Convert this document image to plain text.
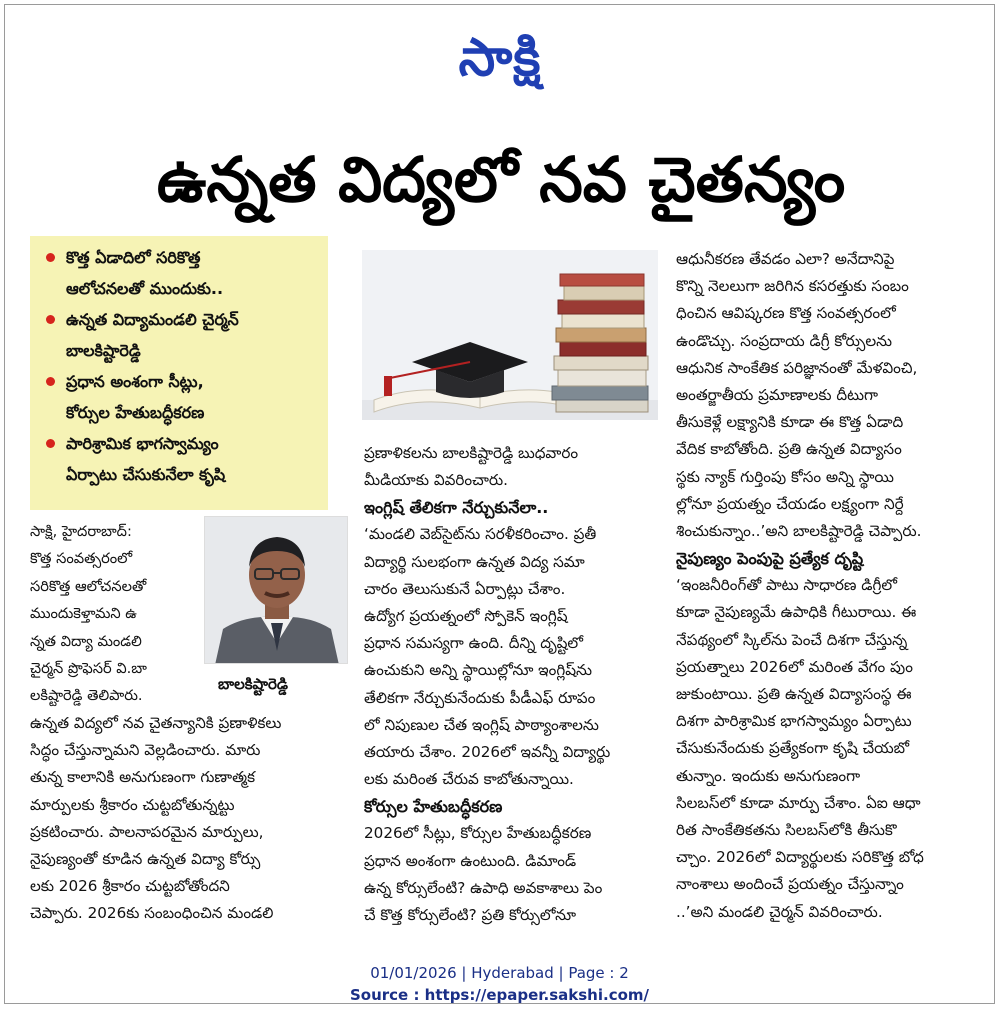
సాక్షి
ఉన్నత విద్యలో నవ చైతన్యం
కొత్త ఏడాదిలో సరికొత్త
ఆలోచనలతో ముందుకు..
ఉన్నత విద్యామండలి చైర్మన్
బాలకిష్టారెడ్డి
ప్రధాన అంశంగా సీట్లు,
కోర్సుల హేతుబద్ధీకరణ
పారిశ్రామిక భాగస్వామ్యం
ఏర్పాటు చేసుకునేలా కృషి

సాక్షి, హైదరాబాద్:

కొత్త సంవత్సరంలో

సరికొత్త ఆలోచనలతో

ముందుకెళ్తామని ఉ

న్నత విద్యా మండలి

చైర్మన్ ప్రొఫెసర్ వి.బా

లకిష్టారెడ్డి తెలిపారు.

బాలకిష్టారెడ్డి

ఉన్నత విద్యలో నవ చైతన్యానికి ప్రణాళికలు

సిద్ధం చేస్తున్నామని వెల్లడించారు. మారు

తున్న కాలానికి అనుగుణంగా గుణాత్మక

మార్పులకు శ్రీకారం చుట్టబోతున్నట్టు

ప్రకటించారు. పాలనాపరమైన మార్పులు,

నైపుణ్యంతో కూడిన ఉన్నత విద్యా కోర్సు

లకు 2026 శ్రీకారం చుట్టబోతోందని

చెప్పారు. 2026కు సంబంధించిన మండలి

ప్రణాళికలను బాలకిష్టారెడ్డి బుధవారం

మీడియాకు వివరించారు.

ఇంగ్లిష్ తేలికగా నేర్చుకునేలా..

‘మండలి వెబ్‌సైట్‌ను సరళీకరించాం. ప్రతీ

విద్యార్థి సులభంగా ఉన్నత విద్య సమా

చారం తెలుసుకునే ఏర్పాట్లు చేశాం.

ఉద్యోగ ప్రయత్నంలో స్పోకెన్ ఇంగ్లిష్

ప్రధాన సమస్యగా ఉంది. దీన్ని దృష్టిలో

ఉంచుకుని అన్ని స్థాయిల్లోనూ ఇంగ్లిష్‌ను

తేలికగా నేర్చుకునేందుకు పీడీఎఫ్ రూపం

లో నిపుణుల చేత ఇంగ్లిష్ పాఠ్యాంశాలను

తయారు చేశాం. 2026లో ఇవన్నీ విద్యార్థు

లకు మరింత చేరువ కాబోతున్నాయి.

కోర్సుల హేతుబద్ధీకరణ

2026లో సీట్లు, కోర్సుల హేతుబద్ధీకరణ

ప్రధాన అంశంగా ఉంటుంది. డిమాండ్

ఉన్న కోర్సులేంటి? ఉపాధి అవకాశాలు పెం

చే కొత్త కోర్సులేంటి? ప్రతి కోర్సులోనూ

ఆధునీకరణ తేవడం ఎలా? అనేదానిపై

కొన్ని నెలలుగా జరిగిన కసరత్తుకు సంబం

ధించిన ఆవిష్కరణ కొత్త సంవత్సరంలో

ఉండొచ్చు. సంప్రదాయ డిగ్రీ కోర్సులను

ఆధునిక సాంకేతిక పరిజ్ఞానంతో మేళవించి,

అంతర్జాతీయ ప్రమాణాలకు దీటుగా

తీసుకెళ్లే లక్ష్యానికి కూడా ఈ కొత్త ఏడాది

వేదిక కాబోతోంది. ప్రతి ఉన్నత విద్యాసం

స్థకు న్యాక్ గుర్తింపు కోసం అన్ని స్థాయి

ల్లోనూ ప్రయత్నం చేయడం లక్ష్యంగా నిర్దే

శించుకున్నాం..’అని బాలకిష్టారెడ్డి చెప్పారు.

నైపుణ్యం పెంపుపై ప్రత్యేక దృష్టి

‘ఇంజనీరింగ్‌తో పాటు సాధారణ డిగ్రీలో

కూడా నైపుణ్యమే ఉపాధికి గీటురాయి. ఈ

నేపథ్యంలో స్కిల్‌ను పెంచే దిశగా చేస్తున్న

ప్రయత్నాలు 2026లో మరింత వేగం పుం

జుకుంటాయి. ప్రతి ఉన్నత విద్యాసంస్థ ఈ

దిశగా పారిశ్రామిక భాగస్వామ్యం ఏర్పాటు

చేసుకునేందుకు ప్రత్యేకంగా కృషి చేయబో

తున్నాం. ఇందుకు అనుగుణంగా

సిలబస్‌లో కూడా మార్పు చేశాం. ఏఐ ఆధా

రిత సాంకేతికతను సిలబస్‌లోకి తీసుకొ

చ్చాం. 2026లో విద్యార్థులకు సరికొత్త బోధ

నాంశాలు అందించే ప్రయత్నం చేస్తున్నాం

..’అని మండలి చైర్మన్ వివరించారు.

01/01/2026 | Hyderabad | Page : 2
Source : https://epaper.sakshi.com/
